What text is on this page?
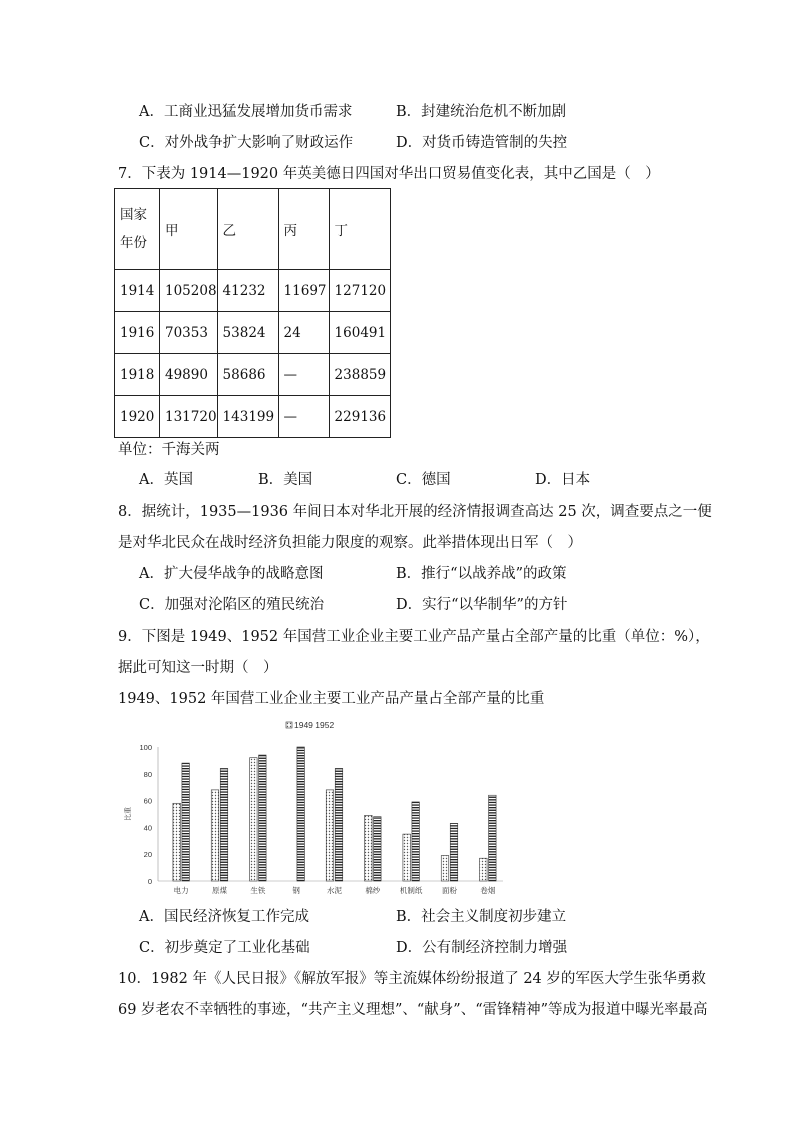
A．工商业迅猛发展增加货币需求	B．封建统治危机不断加剧
C．对外战争扩大影响了财政运作	D．对货币铸造管制的失控
7．下表为 1914—1920 年英美德日四国对华出口贸易值变化表，其中乙国是（　）
国家
年份	甲	乙	丙	丁
1914	105208	41232	11697	127120
1916	70353	53824	24	160491
1918	49890	58686	—	238859
1920	131720	143199	—	229136
单位：千海关两
A．英国	B．美国	C．德国	D．日本
8．据统计，1935—1936 年间日本对华北开展的经济情报调查高达 25 次，调查要点之一便
是对华北民众在战时经济负担能力限度的观察。此举措体现出日军（　）
A．扩大侵华战争的战略意图	B．推行“以战养战”的政策
C．加强对沦陷区的殖民统治	D．实行“以华制华”的方针
9．下图是 1949、1952 年国营工业企业主要工业产品产量占全部产量的比重（单位：%），
据此可知这一时期（　）
1949、1952 年国营工业企业主要工业产品产量占全部产量的比重
1949 1952
比重
0
20
40
60
80
100
电力	原煤	生铁	钢	水泥	棉纱	机制纸	面粉	卷烟
A．国民经济恢复工作完成	B．社会主义制度初步建立
C．初步奠定了工业化基础	D．公有制经济控制力增强
10．1982 年《人民日报》《解放军报》等主流媒体纷纷报道了 24 岁的军医大学生张华勇救
69 岁老农不幸牺牲的事迹，“共产主义理想”、“献身”、“雷锋精神”等成为报道中曝光率最高
